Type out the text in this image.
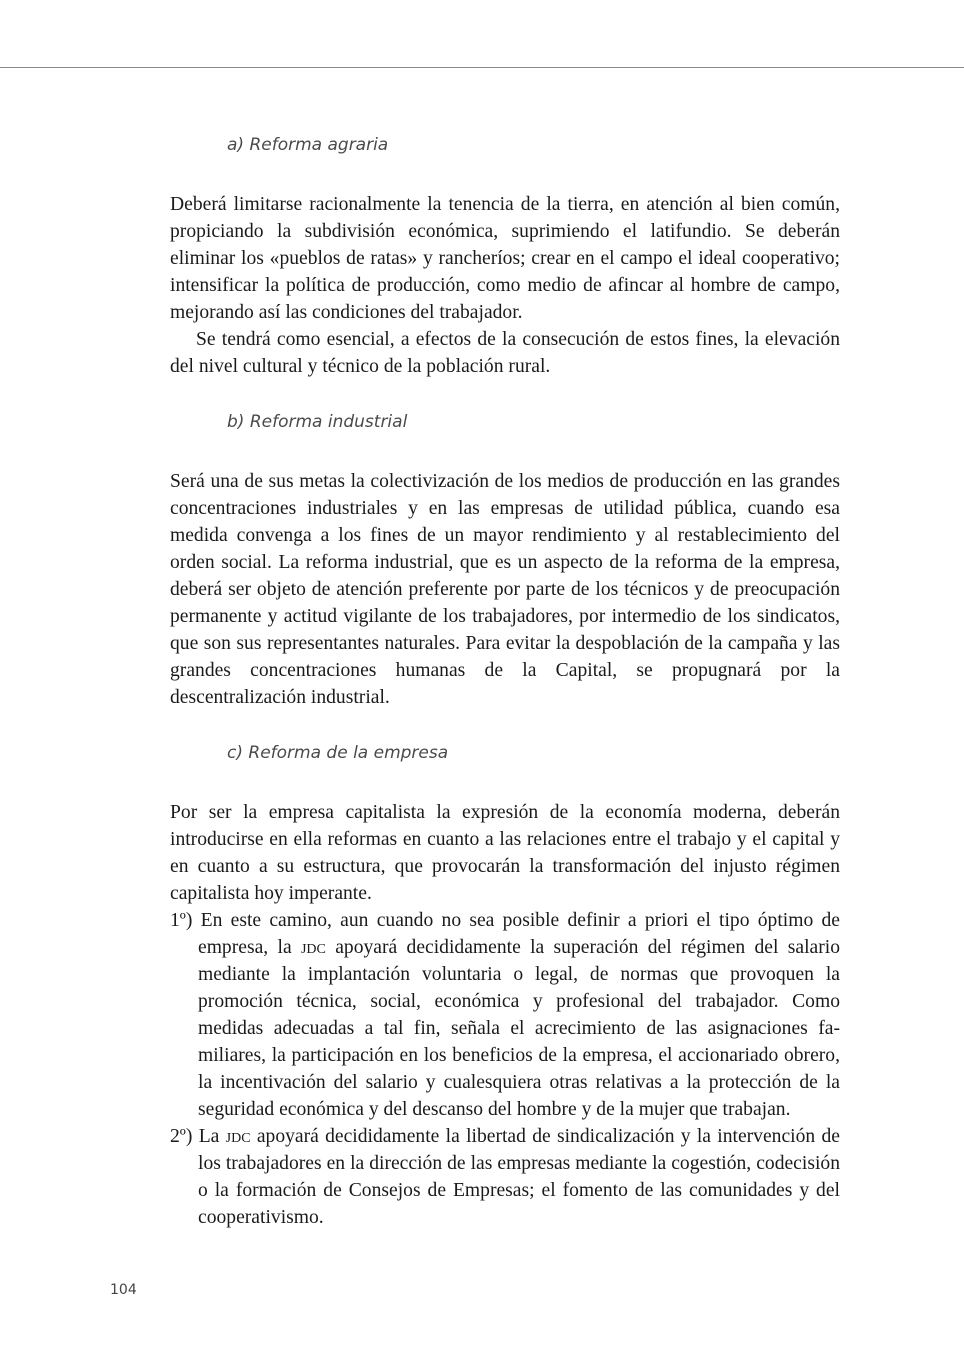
a) Reforma agraria

Deberá limitarse racionalmente la tenencia de la tierra, en atención al bien común, propiciando la subdivisión económica, suprimiendo el latifundio. Se deberán eliminar los «pueblos de ratas» y rancheríos; crear en el campo el ideal cooperativo; intensificar la política de producción, como medio de afincar al hombre de campo, mejorando así las condiciones del trabajador.

Se tendrá como esencial, a efectos de la consecución de estos fines, la elevación del nivel cultural y técnico de la población rural.

b) Reforma industrial

Será una de sus metas la colectivización de los medios de producción en las grandes concentraciones industriales y en las empresas de utilidad pública, cuando esa medida convenga a los fines de un mayor rendimiento y al restablecimiento del orden social. La reforma industrial, que es un aspecto de la reforma de la empresa, deberá ser objeto de atención preferente por parte de los técnicos y de preocupación permanente y actitud vigilante de los trabajadores, por intermedio de los sindicatos, que son sus representantes naturales. Para evitar la despoblación de la campaña y las grandes concentraciones humanas de la Capital, se propugnará por la descentralización industrial.

c) Reforma de la empresa

Por ser la empresa capitalista la expresión de la economía moderna, deberán introducirse en ella reformas en cuanto a las relaciones entre el trabajo y el capital y en cuanto a su estructura, que provocarán la transformación del injusto régimen capitalista hoy imperante.

1º) En este camino, aun cuando no sea posible definir a priori el tipo óptimo de empresa, la jdc apoyará decididamente la superación del régimen del salario mediante la implantación voluntaria o legal, de normas que provoquen la promoción técnica, social, económica y profesional del trabajador. Como medidas adecuadas a tal fin, señala el acrecimiento de las asignaciones familiares, la participación en los beneficios de la empresa, el accionariado obrero, la incentivación del salario y cualesquiera otras relativas a la protección de la seguridad económica y del descanso del hombre y de la mujer que trabajan.

2º) La jdc apoyará decididamente la libertad de sindicalización y la intervención de los trabajadores en la dirección de las empresas mediante la cogestión, codecisión o la formación de Consejos de Empresas; el fomento de las comunidades y del cooperativismo.

104
